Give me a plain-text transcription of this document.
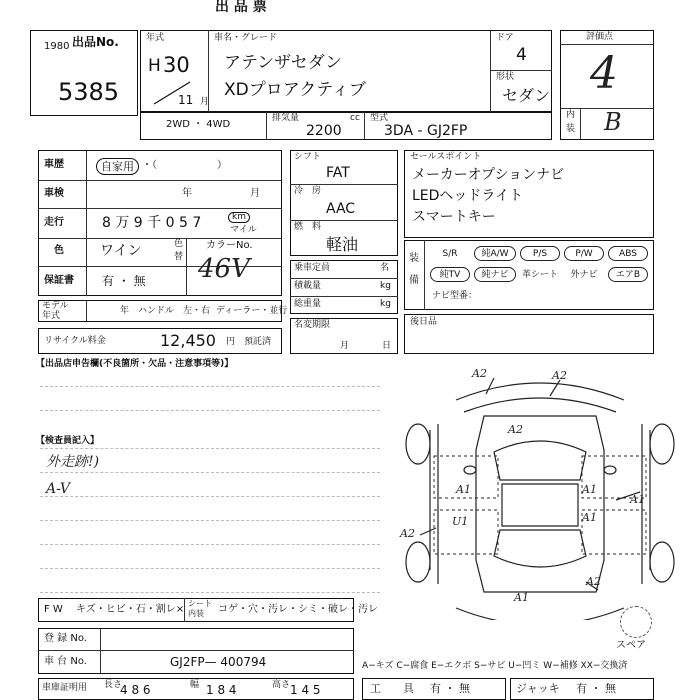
出 品 票
出品No.
1980
5385
年式
H 30
11 月
車名・グレード
アテンザセダン
XDプロアクティブ
ドア
4
形状
セダン
評価点
4
内
装 B
2WD ・ 4WD
排気量	cc
2200
型式
3DA - GJ2FP
車歴	自家用 ・（　　　　　　）
車検	年	月
走行	8 万 9 千 0 5 7	km
マイル
色	ワイン	色
替
カラーNo.
46V
保証書 有 ・ 無
モデル
年式	年　ハンドル　左・右 ディーラー・並行
リサイクル料金	12,450 円　預託済
シフト
FAT
冷　房
AAC
燃　料
軽油
乗車定員	名
積載量	kg
総重量	kg
名変期限
月	日
セールスポイント
メーカーオプションナビ
LEDヘッドライト
スマートキー
装
備
S/R	純A/W	P/S	P/W	ABS
純TV	純ナビ	革シート	外ナビ	エアB
ナビ型番：
後日品
【出品店申告欄(不良箇所・欠品・注意事項等)】
【検査員記入】
外走跡!)
A-V
A2	A2
A2
A1	A1
U1	A1
A2
A1
A2
A1
スペア
F W キズ・ヒビ・石・割レ×
シート
内装 コゲ・穴・汚レ・シミ・破レ・汚レ
登 録 No.
車 台 No.	GJ2FP— 400794	A−キズ C−腐食 E−エクボ S−サビ U−凹ミ W−補修 XX−交換済
車庫証明用 長さ
4 8 6	幅 1 8 4	高さ 1 4 5	工　　具 有 ・ 無	ジャッキ 有 ・ 無
